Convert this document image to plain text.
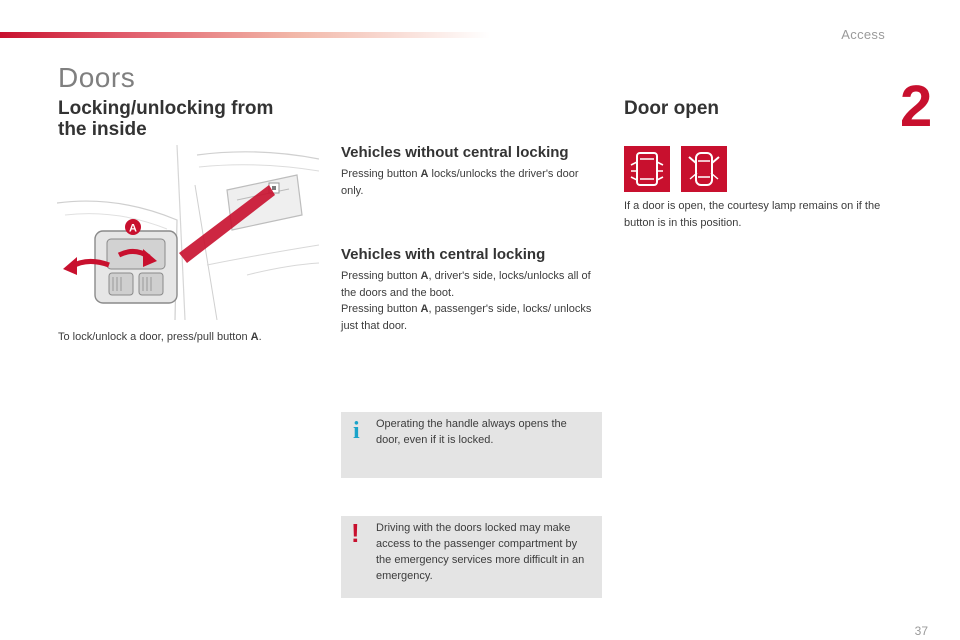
Access
2
Doors
Locking/unlocking from
the inside
A
To lock/unlock a door, press/pull button A.
Vehicles without central locking
Pressing button A locks/unlocks the driver's door only.
Vehicles with central locking
Pressing button A, driver's side, locks/unlocks all of the doors and the boot.
Pressing button A, passenger's side, locks/ unlocks just that door.
i Operating the handle always opens the door, even if it is locked.
! Driving with the doors locked may make access to the passenger compartment by the emergency services more difficult in an emergency.
Door open
If a door is open, the courtesy lamp remains on if the button is in this position.
37
